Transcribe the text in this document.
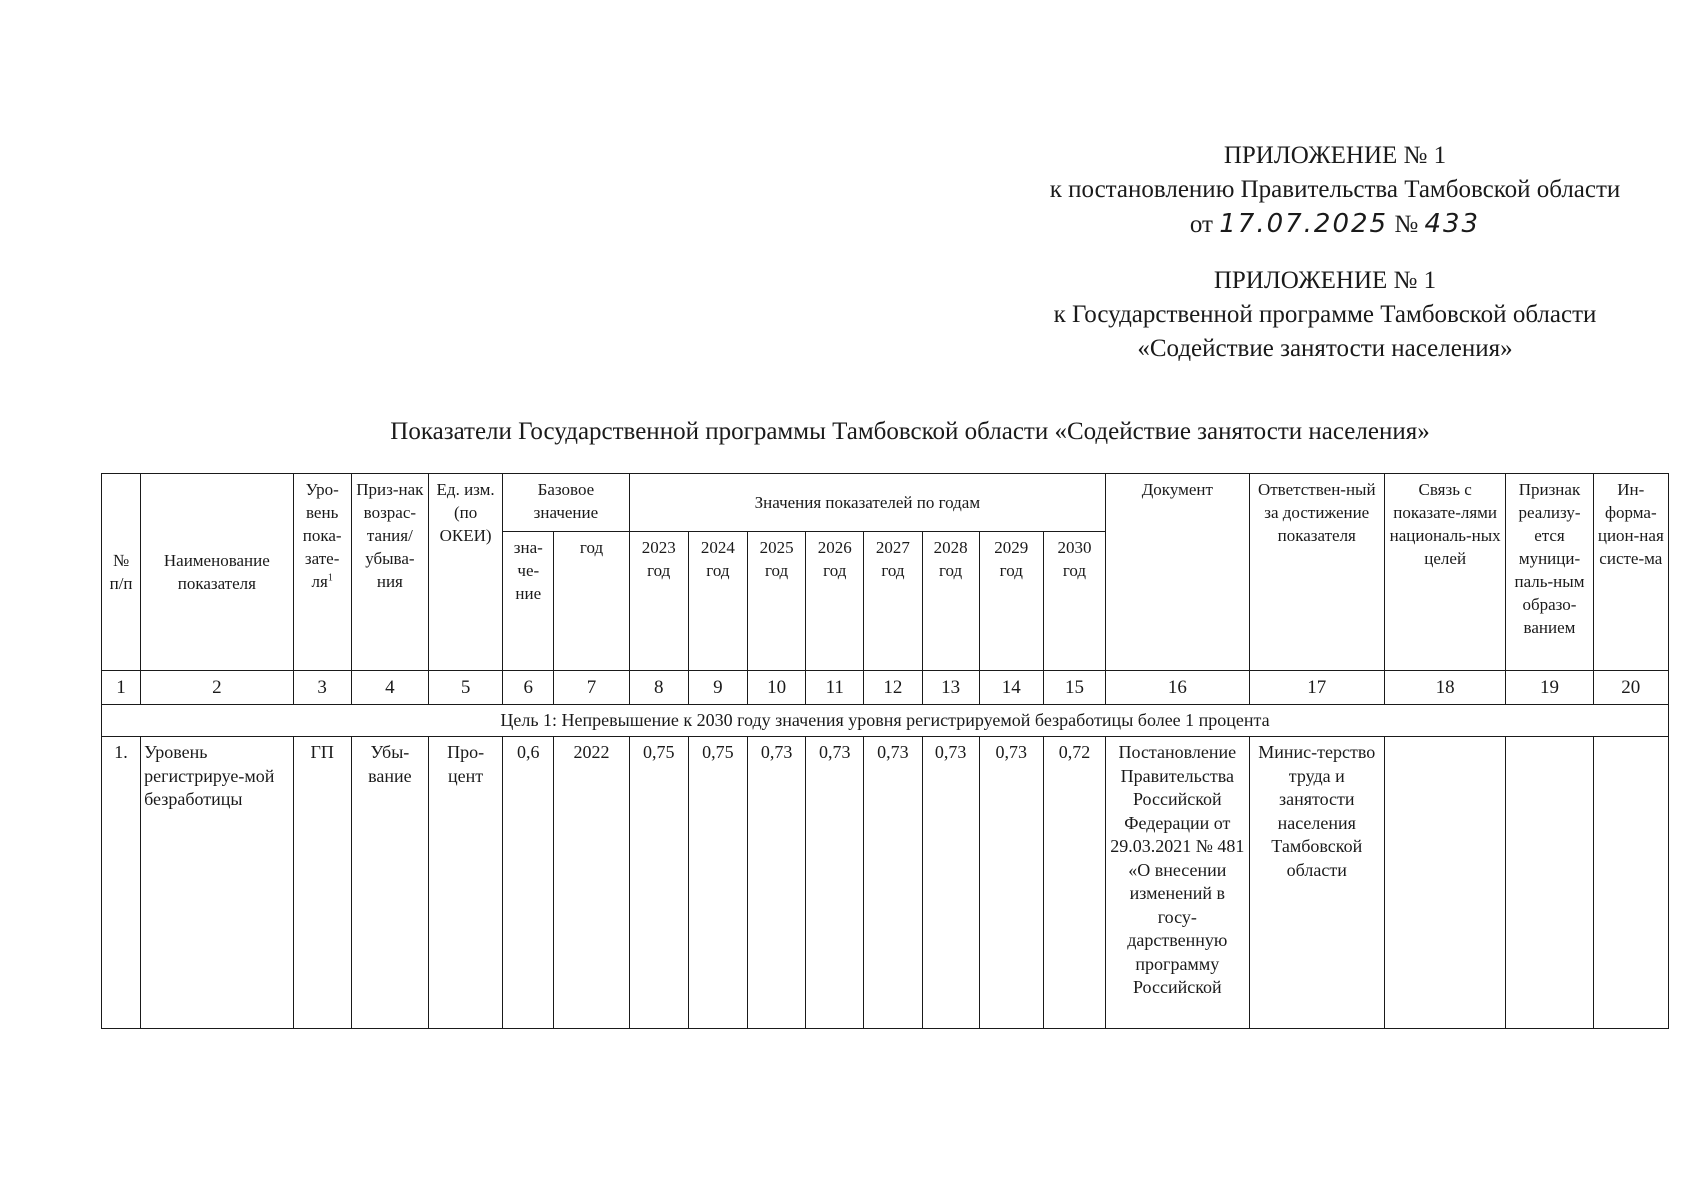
ПРИЛОЖЕНИЕ № 1
к постановлению Правительства Тамбовской области
от 17.07.2025 № 433
ПРИЛОЖЕНИЕ № 1
к Государственной программе Тамбовской области
«Содействие занятости населения»
Показатели Государственной программы Тамбовской области «Содействие занятости населения»
№ п/п	Наименование показателя	Уро-вень пока-$зате-ля^1$	Приз-нак возрас-тания/ убыва-ния	Ед. изм. (по ОКЕИ)	Базовое значение		Значения показателей по годам								Документ	Ответствен-ный за достижение показателя	Связь с показате-лями националь-ных целей	Признак реализу-ется муници-паль-ным образо-ванием	Ин-форма-цион-ная систе-ма
					зна-че-ние	год	2023 год	2024 год	2025 год	2026 год	2027 год	2028 год	2029 год	2030 год					
1	2	3	4	5	6	7	8	9	10	11	12	13	14	15	16	17	18	19	20
Цель 1: Непревышение к 2030 году значения уровня регистрируемой безработицы более 1 процента																			
1.	Уровень регистрируе-мой безработицы	ГП	Убы-вание	Про-цент	0,6	2022	0,75	0,75	0,73	0,73	0,73	0,73	0,73	0,72	Постановление Правительства Российской Федерации от 29.03.2021 № 481 «О внесении изменений в госу-дарственную программу Российской	Минис-терство труда и занятости населения Тамбовской области			
